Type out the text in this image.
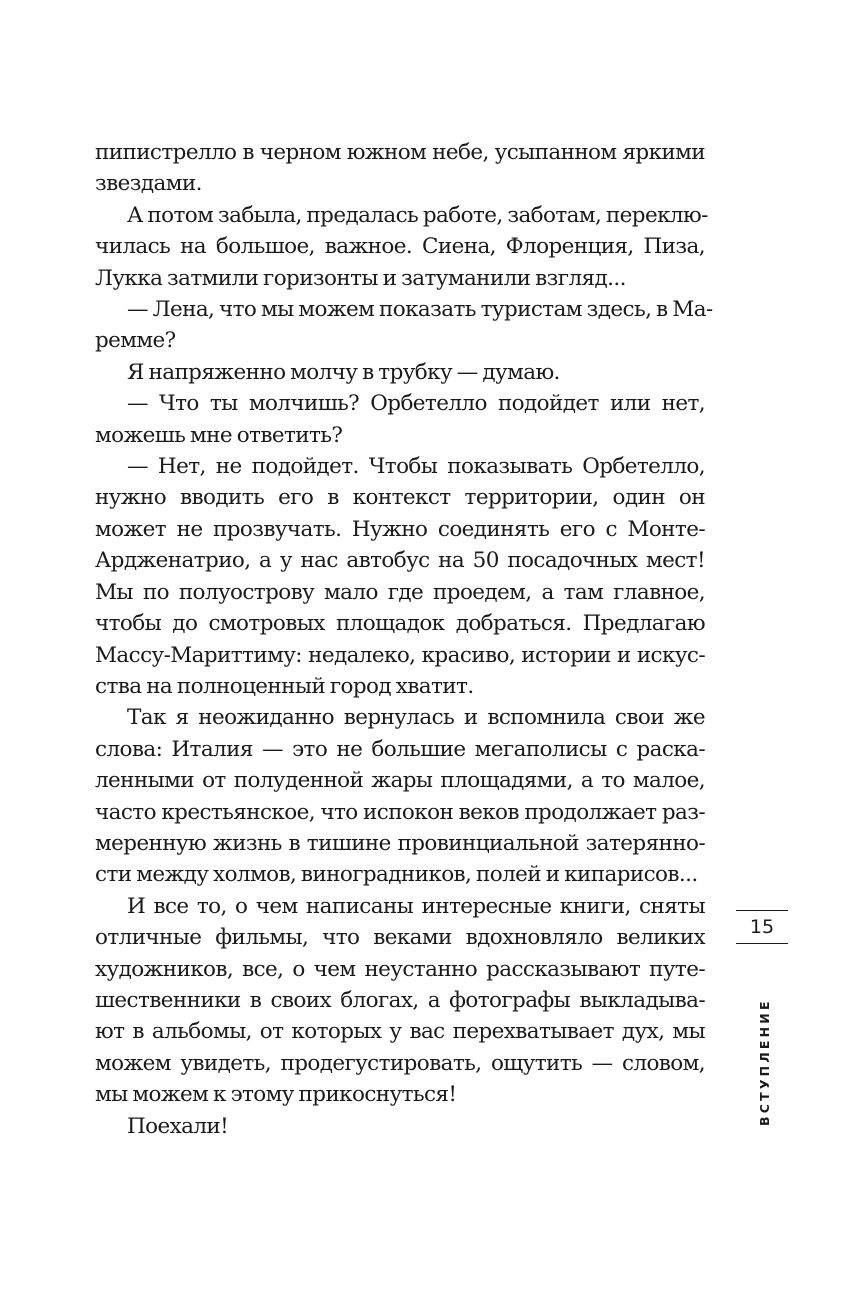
пипистрелло в черном южном небе, усыпанном яркими
звездами.
А потом забыла, предалась работе, заботам, переклю-
чилась на большое, важное. Сиена, Флоренция, Пиза,
Лукка затмили горизонты и затуманили взгляд...
— Лена, что мы можем показать туристам здесь, в Ма-
ремме?
Я напряженно молчу в трубку — думаю.
— Что ты молчишь? Орбетелло подойдет или нет,
можешь мне ответить?
— Нет, не подойдет. Чтобы показывать Орбетелло,
нужно вводить его в контекст территории, один он
может не прозвучать. Нужно соединять его с Монте-
Ардженатрио, а у нас автобус на 50 посадочных мест!
Мы по полуострову мало где проедем, а там главное,
чтобы до смотровых площадок добраться. Предлагаю
Массу-Мариттиму: недалеко, красиво, истории и искус-
ства на полноценный город хватит.
Так я неожиданно вернулась и вспомнила свои же
слова: Италия — это не большие мегаполисы с раска-
ленными от полуденной жары площадями, а то малое,
часто крестьянское, что испокон веков продолжает раз-
меренную жизнь в тишине провинциальной затерянно-
сти между холмов, виноградников, полей и кипарисов...
И все то, о чем написаны интересные книги, сняты
отличные фильмы, что веками вдохновляло великих
художников, все, о чем неустанно рассказывают путе-
шественники в своих блогах, а фотографы выкладыва-
ют в альбомы, от которых у вас перехватывает дух, мы
можем увидеть, продегустировать, ощутить — словом,
мы можем к этому прикоснуться!
Поехали!
15
ВСТУПЛЕНИЕ
